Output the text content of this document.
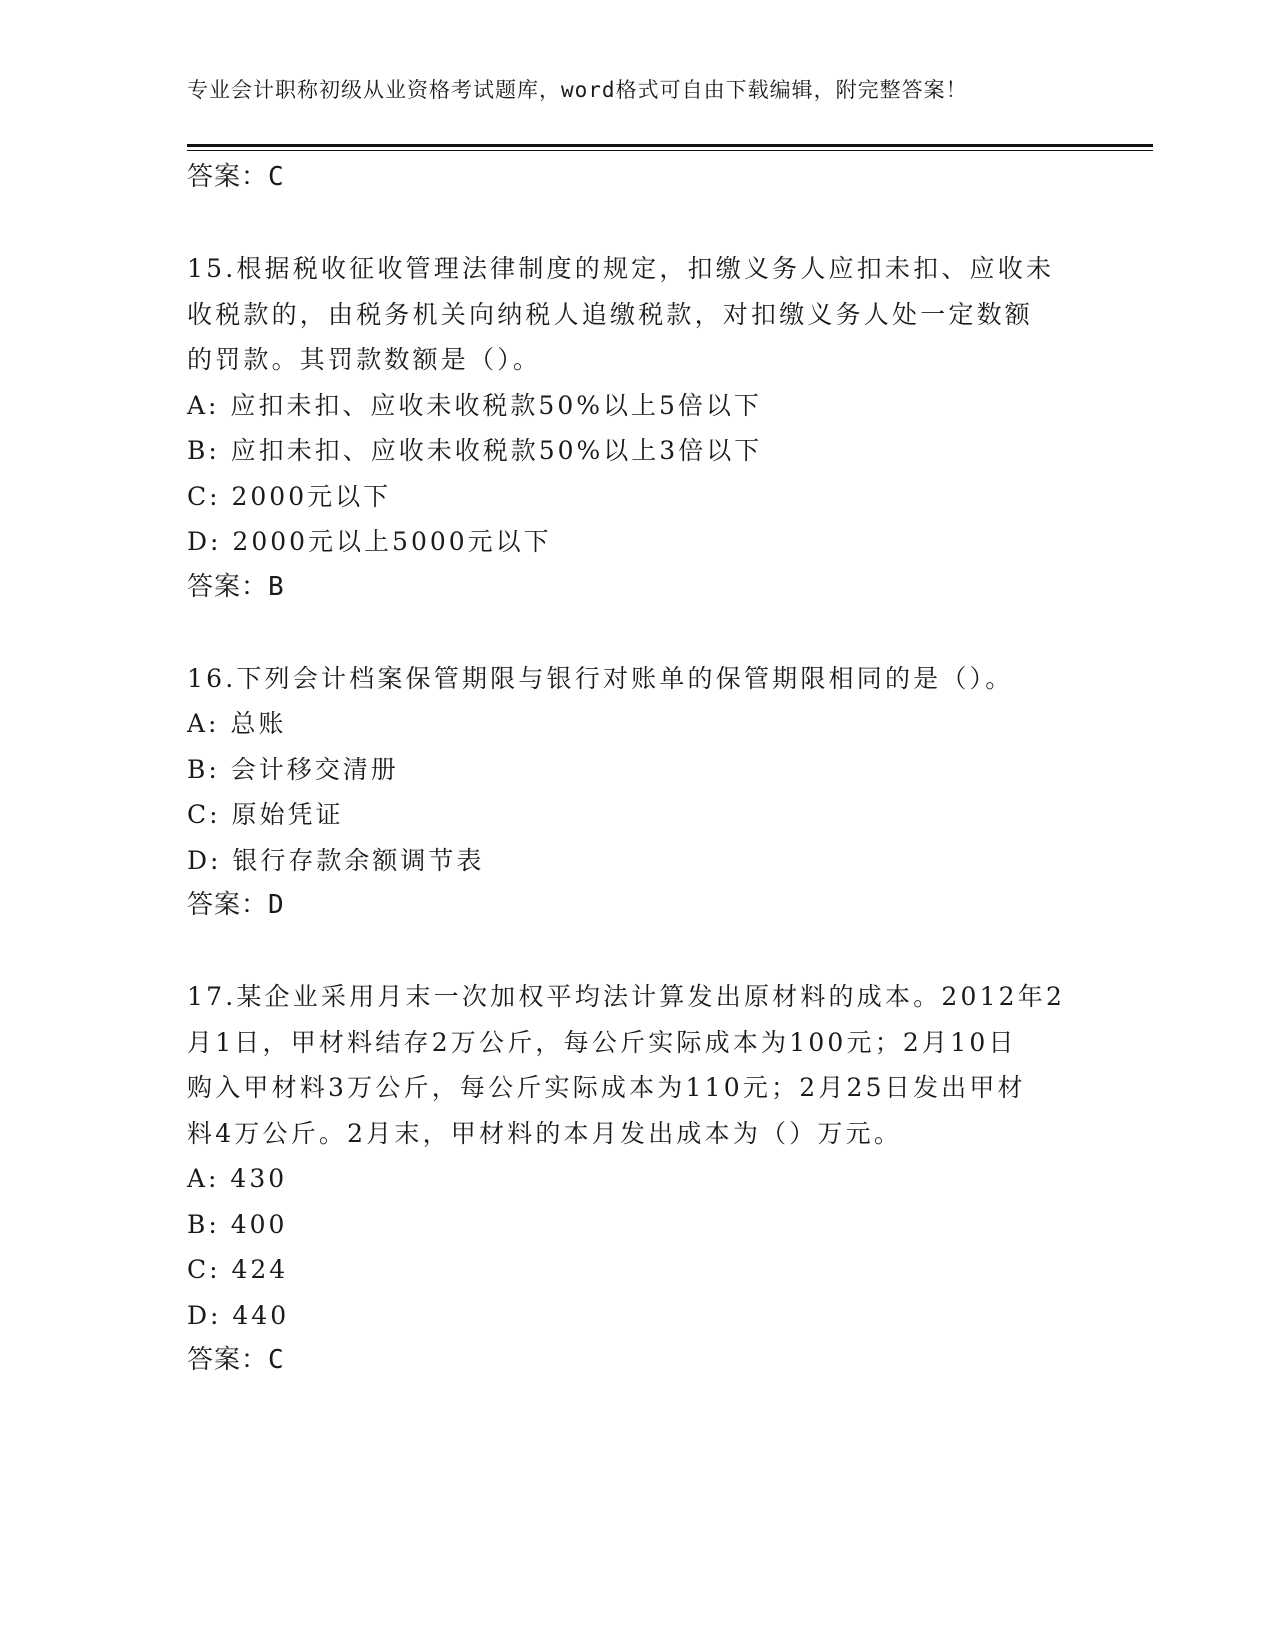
专业会计职称初级从业资格考试题库，word格式可自由下载编辑，附完整答案！
答案：C
15.根据税收征收管理法律制度的规定，扣缴义务人应扣未扣、应收未
收税款的，由税务机关向纳税人追缴税款，对扣缴义务人处一定数额
的罚款。其罚款数额是（）。
A: 应扣未扣、应收未收税款50%以上5倍以下
B: 应扣未扣、应收未收税款50%以上3倍以下
C: 2000元以下
D: 2000元以上5000元以下
答案：B
16.下列会计档案保管期限与银行对账单的保管期限相同的是（）。
A: 总账
B: 会计移交清册
C: 原始凭证
D: 银行存款余额调节表
答案：D
17.某企业采用月末一次加权平均法计算发出原材料的成本。2012年2
月1日，甲材料结存2万公斤，每公斤实际成本为100元；2月10日
购入甲材料3万公斤，每公斤实际成本为110元；2月25日发出甲材
料4万公斤。2月末，甲材料的本月发出成本为（）万元。
A: 430
B: 400
C: 424
D: 440
答案：C
